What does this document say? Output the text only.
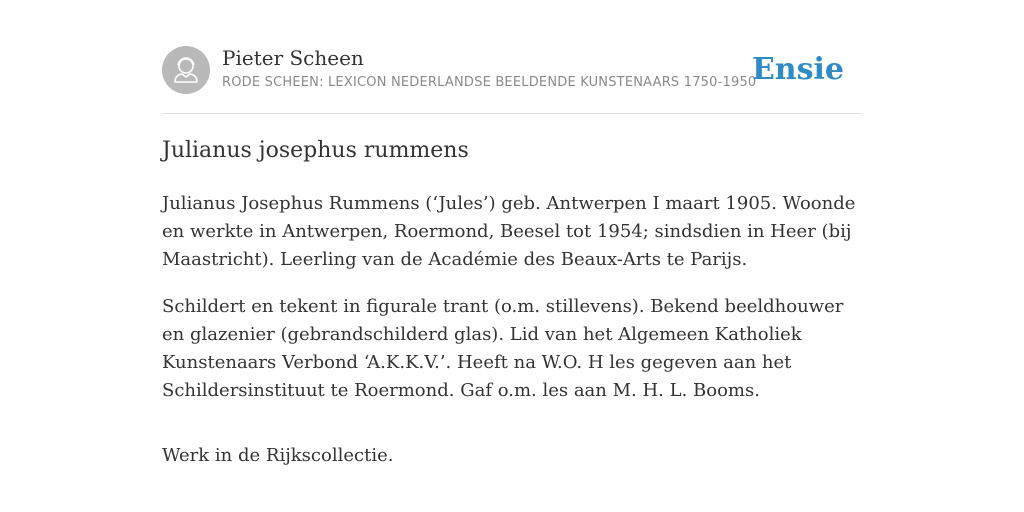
Pieter Scheen
RODE SCHEEN: LEXICON NEDERLANDSE BEELDENDE KUNSTENAARS 1750-1950
Ensie
Julianus josephus rummens

Julianus Josephus Rummens (‘Jules’) geb. Antwerpen I maart 1905. Woonde en werkte in Antwerpen, Roermond, Beesel tot 1954; sindsdien in Heer (bij Maastricht). Leerling van de Académie des Beaux-Arts te Parijs.

Schildert en tekent in figurale trant (o.m. stillevens). Bekend beeldhouwer en glazenier (gebrandschilderd glas). Lid van het Algemeen Katholiek Kunstenaars Verbond ‘A.K.K.V.’. Heeft na W.O. H les gegeven aan het Schildersinstituut te Roermond. Gaf o.m. les aan M. H. L. Booms.

Werk in de Rijkscollectie.
